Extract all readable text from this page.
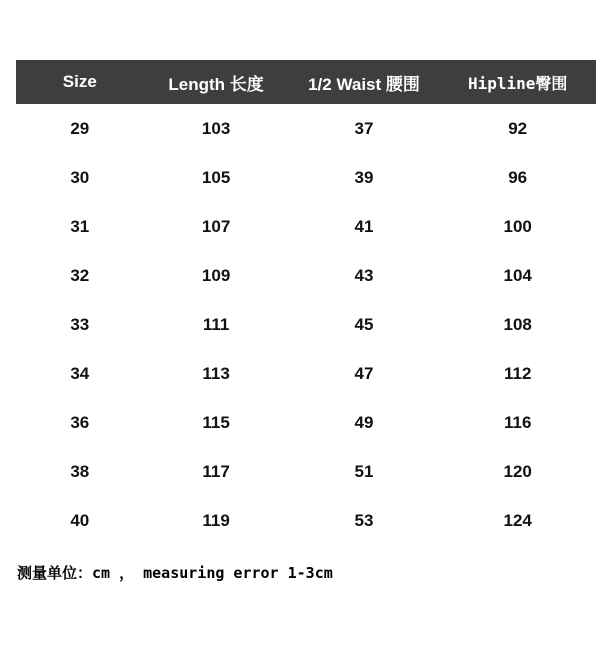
Size	Length 长度	1/2 Waist 腰围	Hipline臀围
29	103	37	92
30	105	39	96
31	107	41	100
32	109	43	104
33	111	45	108
34	113	47	112
36	115	49	116
38	117	51	120
40	119	53	124
测量单位：cm ， measuring error 1-3cm
